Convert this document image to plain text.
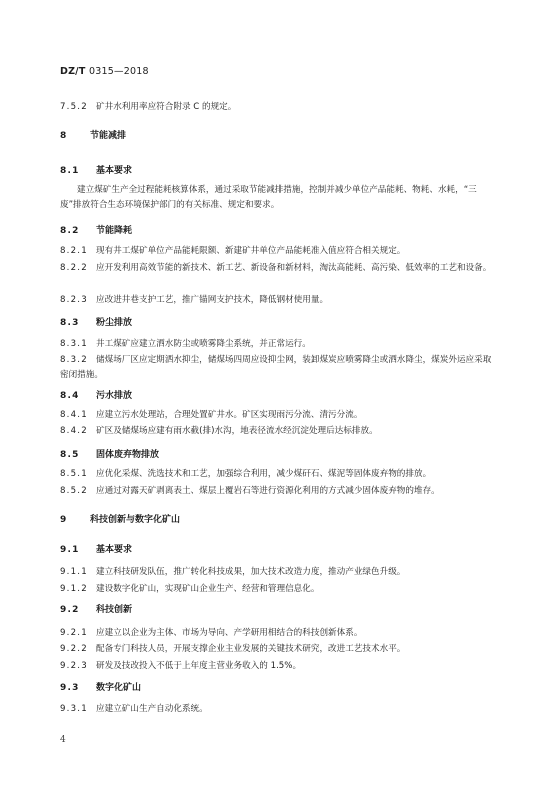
DZ/T 0315—2018
7.5.2 矿井水利用率应符合附录 C 的规定。
8	节能减排
8.1 基本要求
建立煤矿生产全过程能耗核算体系，通过采取节能减排措施，控制并减少单位产品能耗、物耗、水耗，“三废”排放符合生态环境保护部门的有关标准、规定和要求。
8.2 节能降耗
8.2.1 现有井工煤矿单位产品能耗限额、新建矿井单位产品能耗准入值应符合相关规定。
8.2.2 应开发利用高效节能的新技术、新工艺、新设备和新材料，淘汰高能耗、高污染、低效率的工艺和设备。
8.2.3 应改进井巷支护工艺，推广锚网支护技术，降低钢材使用量。
8.3 粉尘排放
8.3.1 井工煤矿应建立洒水防尘或喷雾降尘系统，并正常运行。
8.3.2 储煤场厂区应定期洒水抑尘，储煤场四周应设抑尘网，装卸煤炭应喷雾降尘或洒水降尘，煤炭外运应采取密闭措施。
8.4 污水排放
8.4.1 应建立污水处理站，合理处置矿井水。矿区实现雨污分流、清污分流。
8.4.2 矿区及储煤场应建有雨水截(排)水沟，地表径流水经沉淀处理后达标排放。
8.5 固体废弃物排放
8.5.1 应优化采煤、洗选技术和工艺，加强综合利用，减少煤矸石、煤泥等固体废弃物的排放。
8.5.2 应通过对露天矿剥离表土、煤层上覆岩石等进行资源化利用的方式减少固体废弃物的堆存。
9	科技创新与数字化矿山
9.1 基本要求
9.1.1 建立科技研发队伍，推广转化科技成果，加大技术改造力度，推动产业绿色升级。
9.1.2 建设数字化矿山，实现矿山企业生产、经营和管理信息化。
9.2 科技创新
9.2.1 应建立以企业为主体、市场为导向、产学研用相结合的科技创新体系。
9.2.2 配备专门科技人员，开展支撑企业主业发展的关键技术研究，改进工艺技术水平。
9.2.3 研发及技改投入不低于上年度主营业务收入的 1.5%。
9.3 数字化矿山
9.3.1 应建立矿山生产自动化系统。
4
